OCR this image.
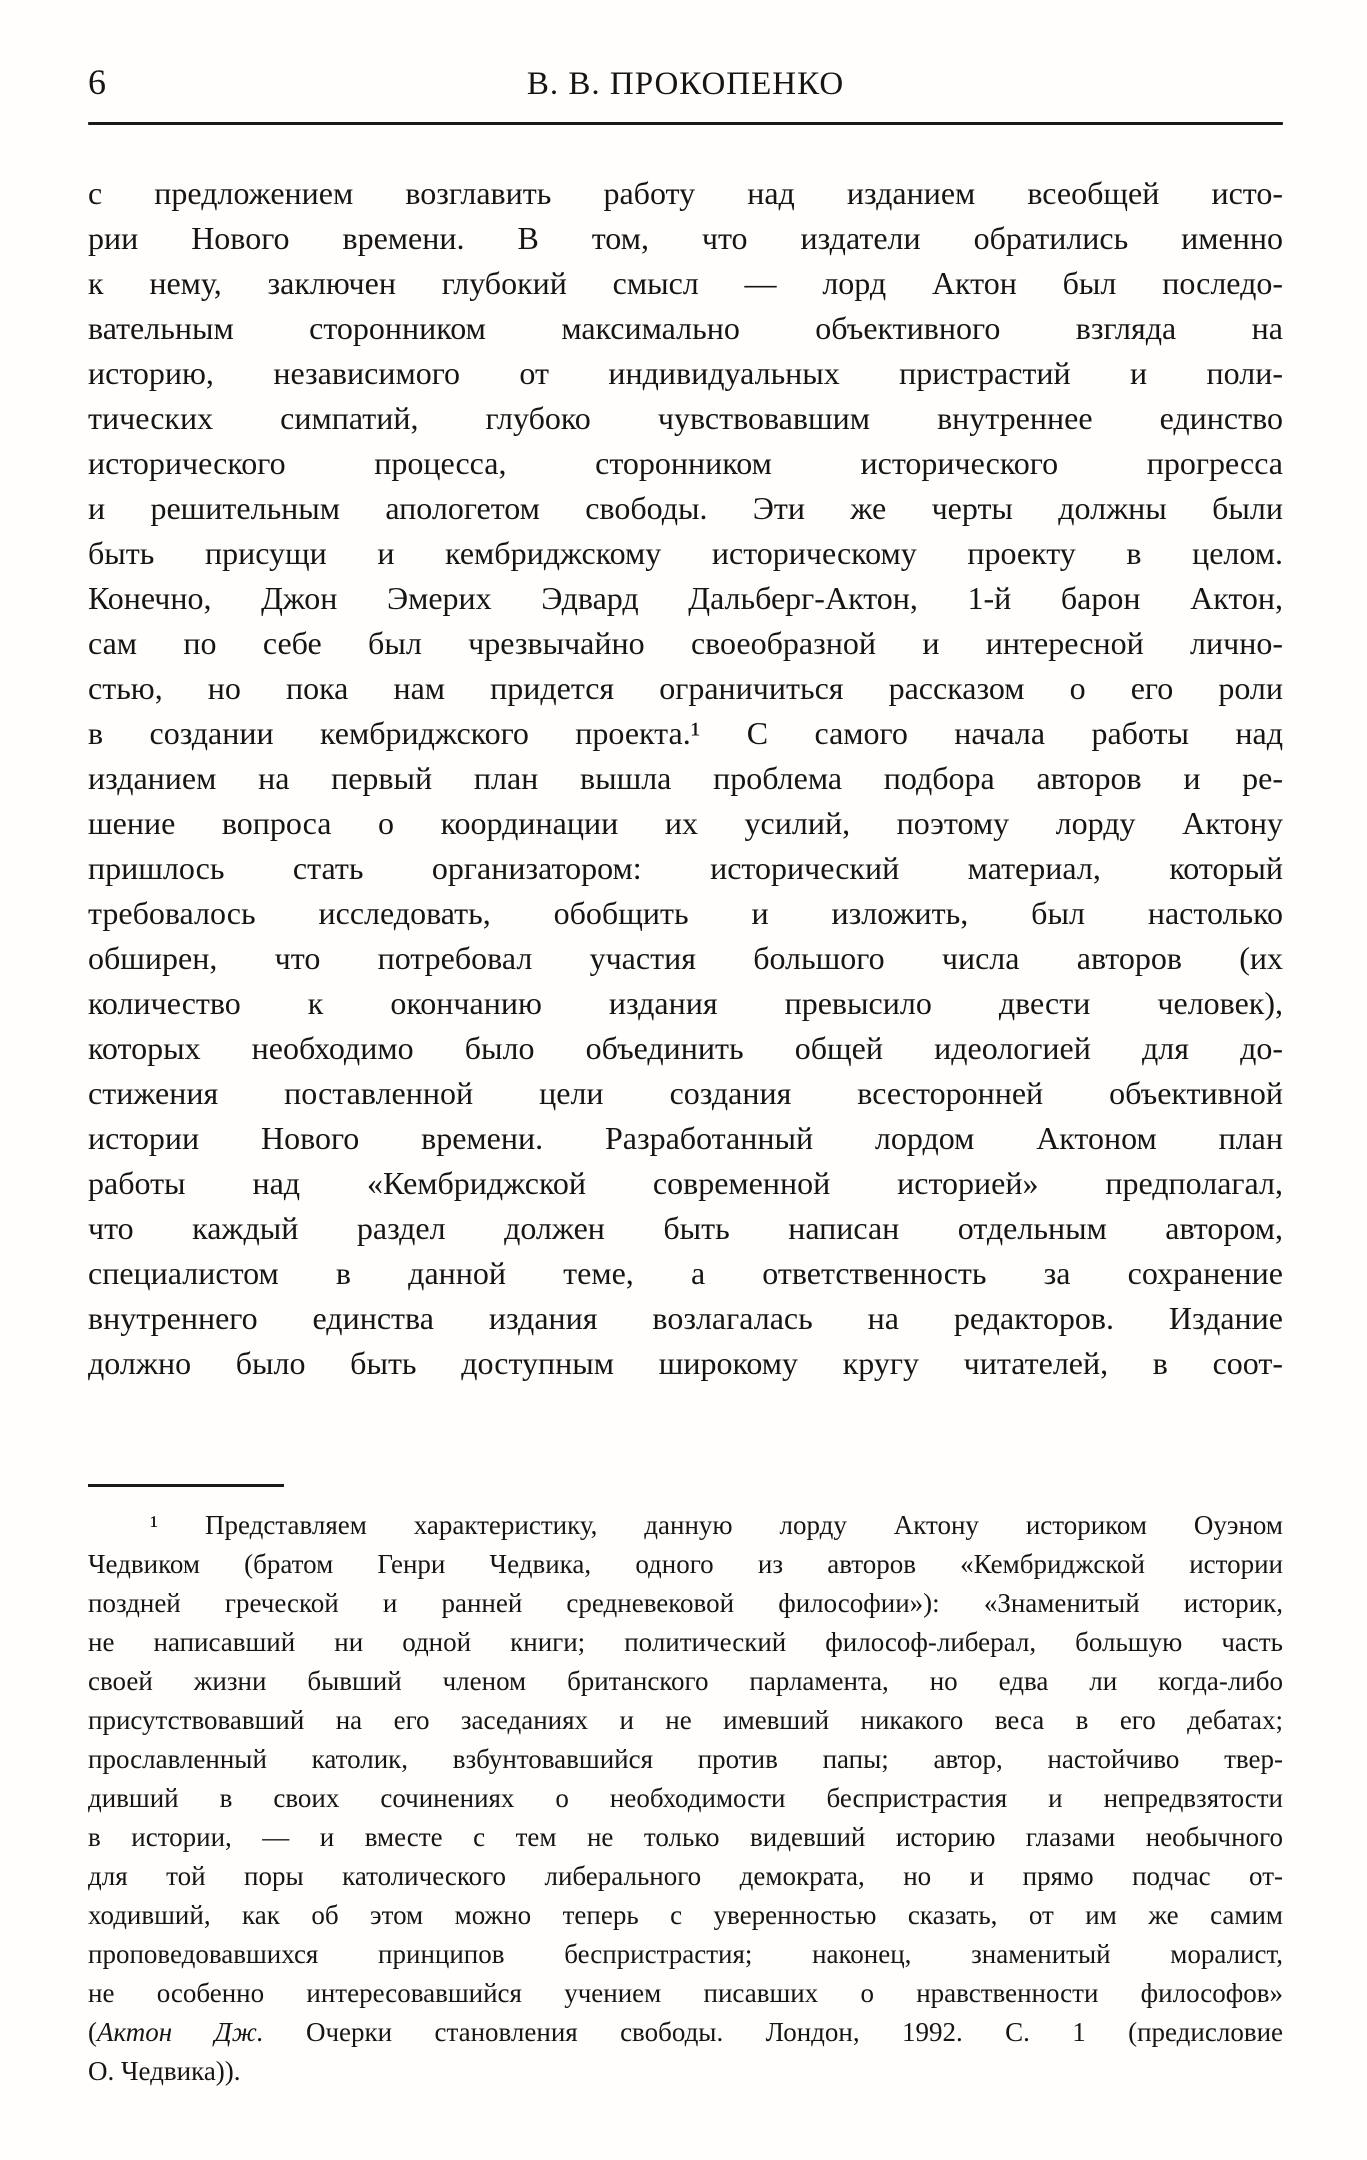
6	В. В. ПРОКОПЕНКО
с предложением возглавить работу над изданием всеобщей исто-
рии Нового времени. В том, что издатели обратились именно
к нему, заключен глубокий смысл — лорд Актон был последо-
вательным сторонником максимально объективного взгляда на
историю, независимого от индивидуальных пристрастий и поли-
тических симпатий, глубоко чувствовавшим внутреннее единство
исторического процесса, сторонником исторического прогресса
и решительным апологетом свободы. Эти же черты должны были
быть присущи и кембриджскому историческому проекту в целом.
Конечно, Джон Эмерих Эдвард Дальберг-Актон, 1-й барон Актон,
сам по себе был чрезвычайно своеобразной и интересной лично-
стью, но пока нам придется ограничиться рассказом о его роли
в создании кембриджского проекта.¹ С самого начала работы над
изданием на первый план вышла проблема подбора авторов и ре-
шение вопроса о координации их усилий, поэтому лорду Актону
пришлось стать организатором: исторический материал, который
требовалось исследовать, обобщить и изложить, был настолько
обширен, что потребовал участия большого числа авторов (их
количество к окончанию издания превысило двести человек),
которых необходимо было объединить общей идеологией для до-
стижения поставленной цели создания всесторонней объективной
истории Нового времени. Разработанный лордом Актоном план
работы над «Кембриджской современной историей» предполагал,
что каждый раздел должен быть написан отдельным автором,
специалистом в данной теме, а ответственность за сохранение
внутреннего единства издания возлагалась на редакторов. Издание
должно было быть доступным широкому кругу читателей, в соот-
¹ Представляем характеристику, данную лорду Актону историком Оуэном
Чедвиком (братом Генри Чедвика, одного из авторов «Кембриджской истории
поздней греческой и ранней средневековой философии»): «Знаменитый историк,
не написавший ни одной книги; политический философ-либерал, большую часть
своей жизни бывший членом британского парламента, но едва ли когда-либо
присутствовавший на его заседаниях и не имевший никакого веса в его дебатах;
прославленный католик, взбунтовавшийся против папы; автор, настойчиво твер-
дивший в своих сочинениях о необходимости беспристрастия и непредвзятости
в истории, — и вместе с тем не только видевший историю глазами необычного
для той поры католического либерального демократа, но и прямо подчас от-
ходивший, как об этом можно теперь с уверенностью сказать, от им же самим
проповедовавшихся принципов беспристрастия; наконец, знаменитый моралист,
не особенно интересовавшийся учением писавших о нравственности философов»
(Актон Дж. Очерки становления свободы. Лондон, 1992. С. 1 (предисловие
О. Чедвика)).
